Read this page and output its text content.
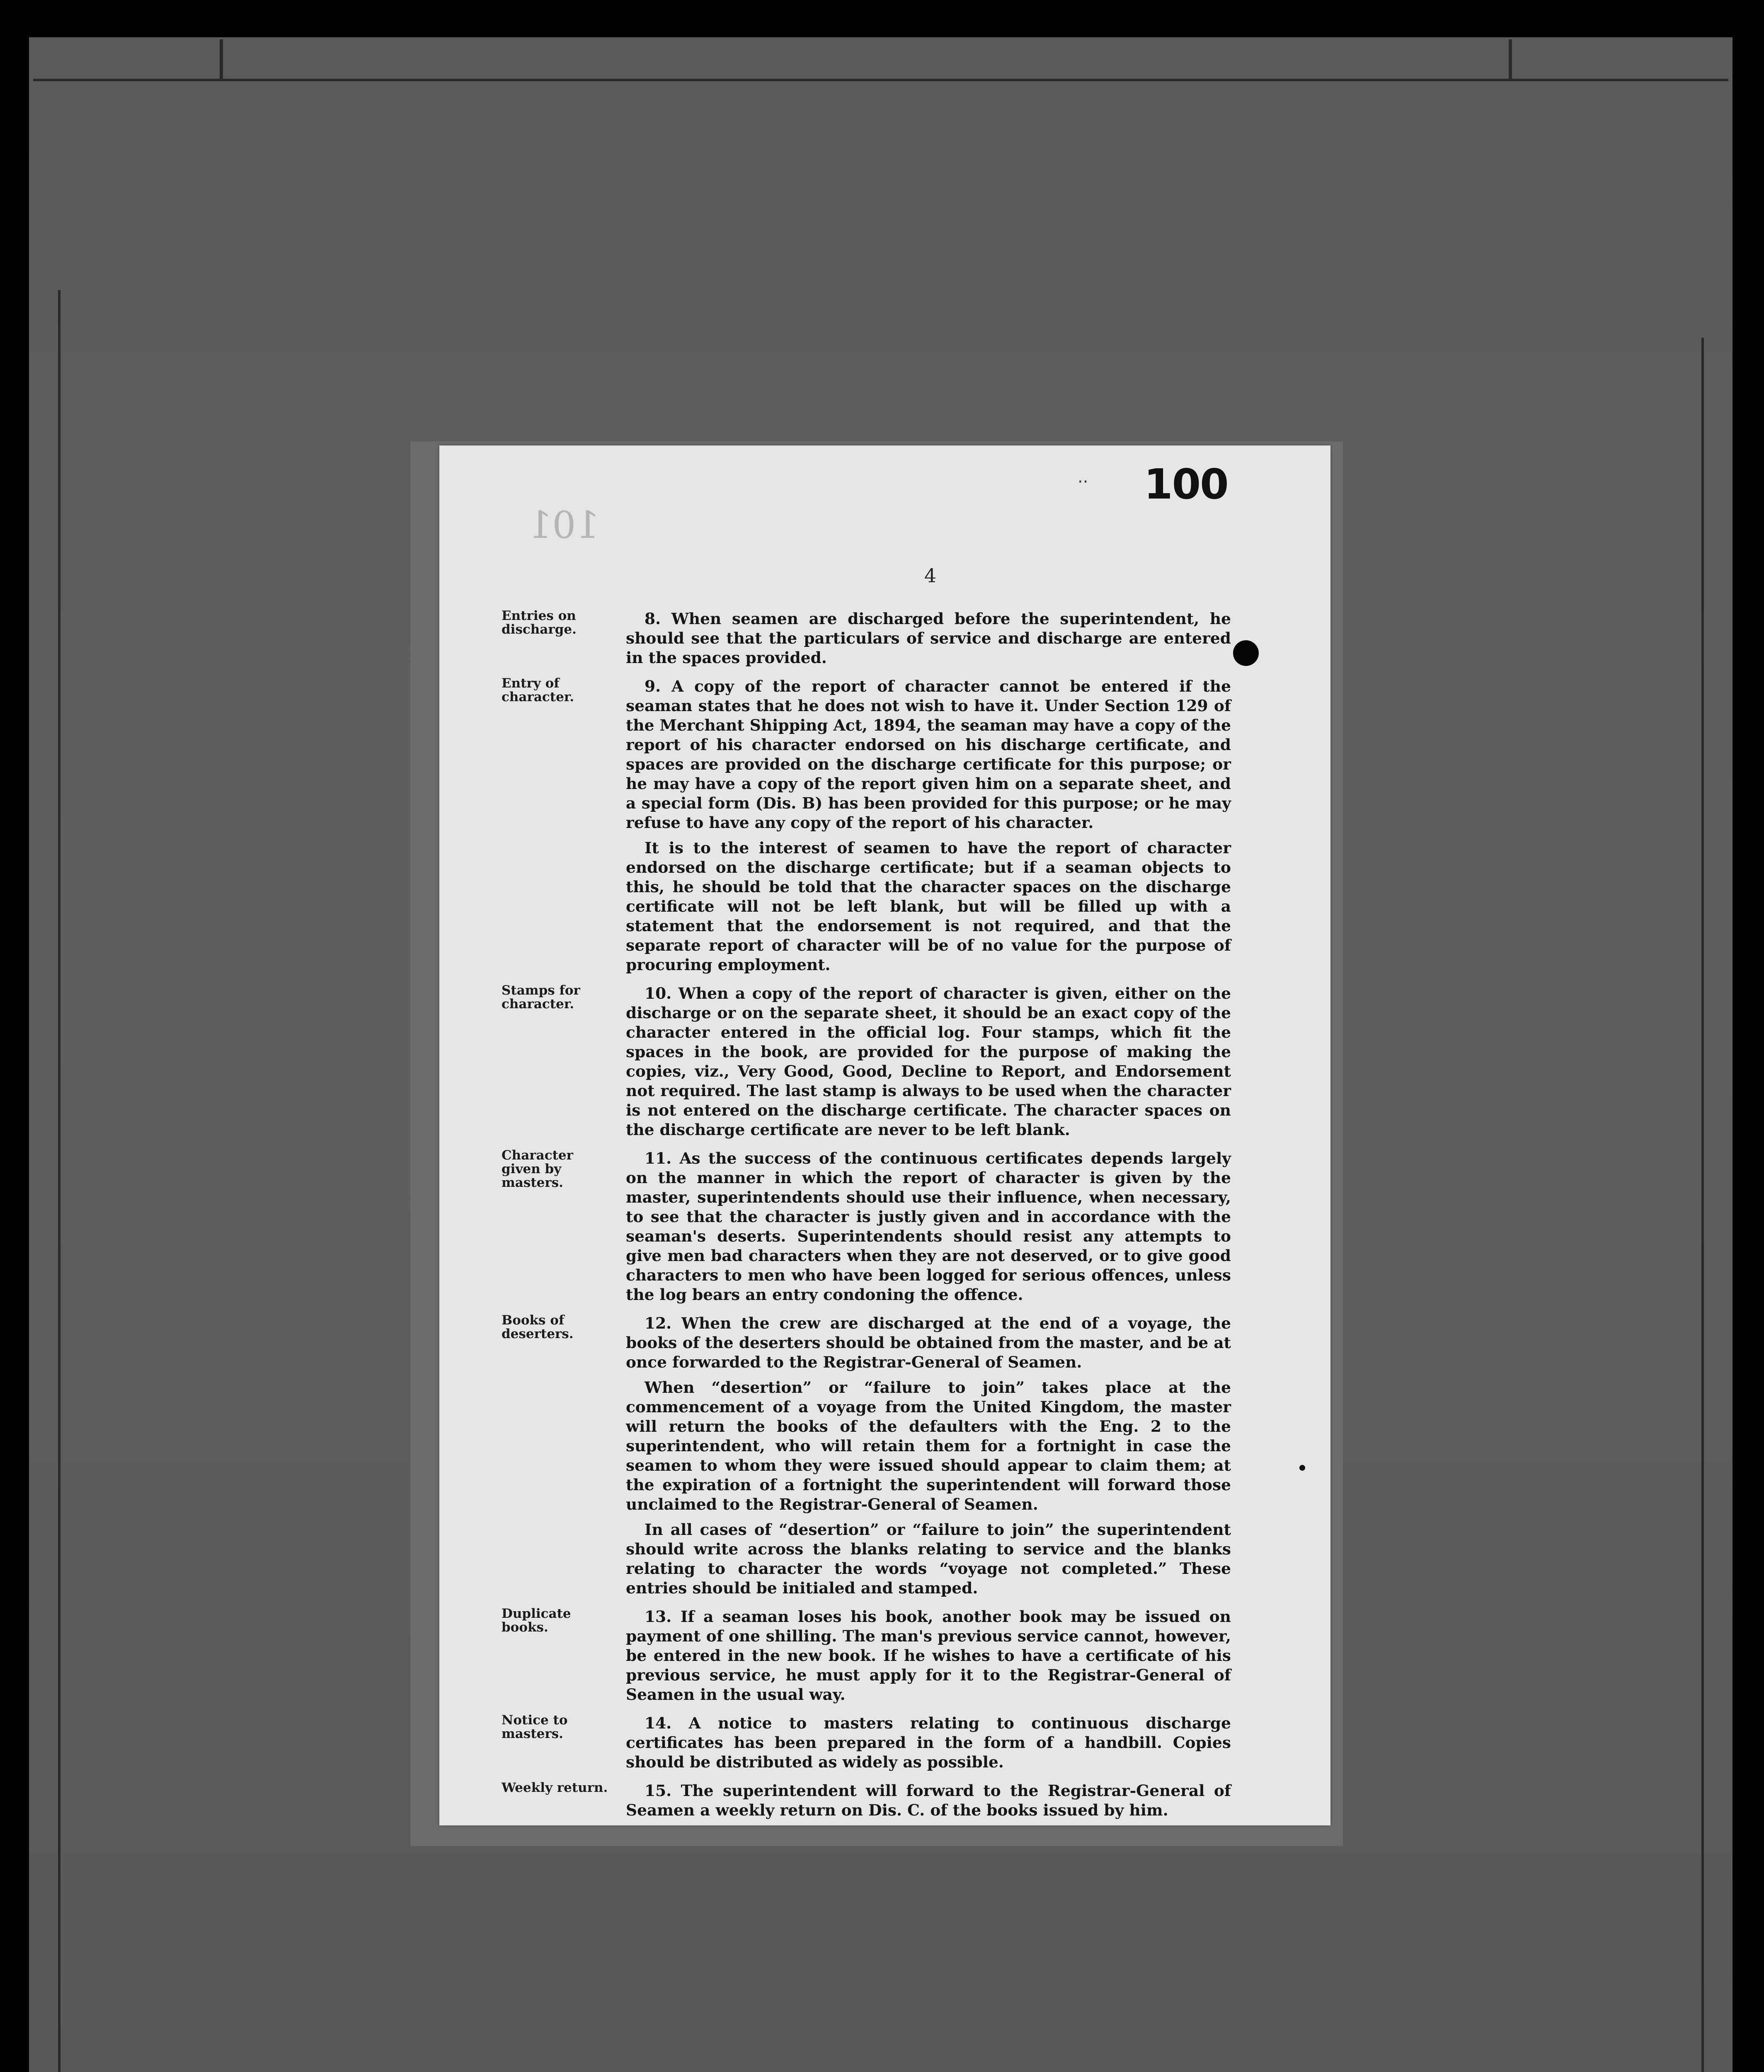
101
·· 100
4
Entries on discharge.

8. When seamen are discharged before the superintendent, he should see that the particulars of service and discharge are entered in the spaces provided.

Entry of character.

9. A copy of the report of character cannot be entered if the seaman states that he does not wish to have it. Under Section 129 of the Merchant Shipping Act, 1894, the seaman may have a copy of the report of his character endorsed on his discharge certificate, and spaces are provided on the discharge certificate for this purpose; or he may have a copy of the report given him on a separate sheet, and a special form (Dis. B) has been provided for this purpose; or he may refuse to have any copy of the report of his character.

It is to the interest of seamen to have the report of character endorsed on the discharge certificate; but if a seaman objects to this, he should be told that the character spaces on the discharge certificate will not be left blank, but will be filled up with a statement that the endorsement is not required, and that the separate report of character will be of no value for the purpose of procuring employment.

Stamps for character.

10. When a copy of the report of character is given, either on the discharge or on the separate sheet, it should be an exact copy of the character entered in the official log. Four stamps, which fit the spaces in the book, are provided for the purpose of making the copies, viz., Very Good, Good, Decline to Report, and Endorsement not required. The last stamp is always to be used when the character is not entered on the discharge certificate. The character spaces on the discharge certificate are never to be left blank.

Character given by masters.

11. As the success of the continuous certificates depends largely on the manner in which the report of character is given by the master, superintendents should use their influence, when necessary, to see that the character is justly given and in accordance with the seaman's deserts. Superintendents should resist any attempts to give men bad characters when they are not deserved, or to give good characters to men who have been logged for serious offences, unless the log bears an entry condoning the offence.

Books of deserters.

12. When the crew are discharged at the end of a voyage, the books of the deserters should be obtained from the master, and be at once forwarded to the Registrar-General of Seamen.

When “desertion” or “failure to join” takes place at the commencement of a voyage from the United Kingdom, the master will return the books of the defaulters with the Eng. 2 to the superintendent, who will retain them for a fortnight in case the seamen to whom they were issued should appear to claim them; at the expiration of a fortnight the superintendent will forward those unclaimed to the Registrar-General of Seamen.

In all cases of “desertion” or “failure to join” the superintendent should write across the blanks relating to service and the blanks relating to character the words “voyage not completed.” These entries should be initialed and stamped.

Duplicate books.

13. If a seaman loses his book, another book may be issued on payment of one shilling. The man's previous service cannot, however, be entered in the new book. If he wishes to have a certificate of his previous service, he must apply for it to the Registrar-General of Seamen in the usual way.

Notice to masters.

14. A notice to masters relating to continuous discharge certificates has been prepared in the form of a handbill. Copies should be distributed as widely as possible.

Weekly return.	15. The superintendent will forward to the Registrar-General of Seamen a weekly return on Dis. C. of the books issued by him.
